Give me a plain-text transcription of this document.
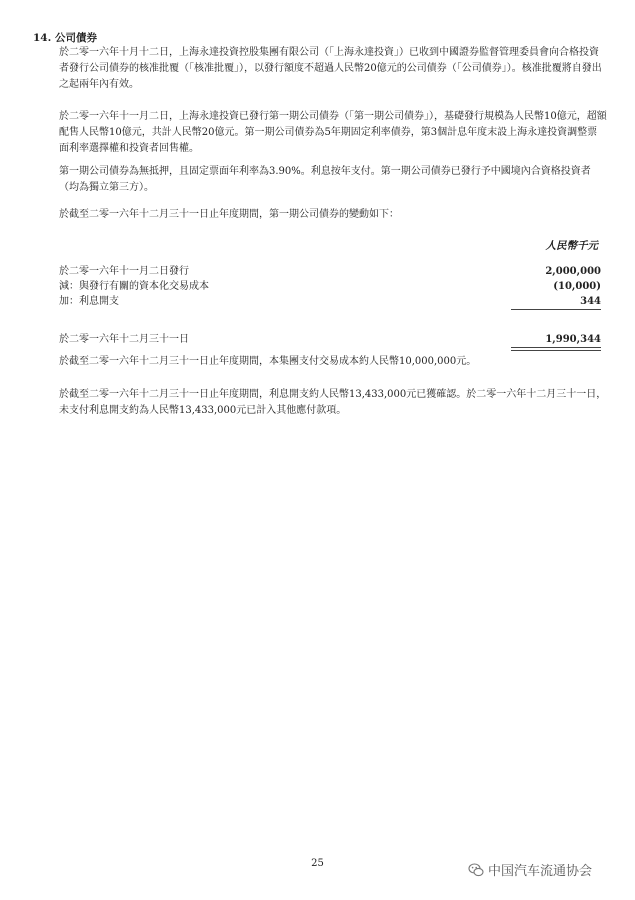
14. 公司債券

於二零一六年十月十二日，上海永達投資控股集團有限公司（「上海永達投資」）已收到中國證券監督管理委員會向合格投資者發行公司債券的核准批覆（「核准批覆」），以發行額度不超過人民幣20億元的公司債券（「公司債券」）。核准批覆將自發出之起兩年內有效。

於二零一六年十一月二日，上海永達投資已發行第一期公司債券（「第一期公司債券」），基礎發行規模為人民幣10億元，超額配售人民幣10億元，共計人民幣20億元。第一期公司債券為5年期固定利率債券，第3個計息年度末設上海永達投資調整票面利率選擇權和投資者回售權。

第一期公司債券為無抵押，且固定票面年利率為3.90%。利息按年支付。第一期公司債券已發行予中國境內合資格投資者（均為獨立第三方）。

於截至二零一六年十二月三十一日止年度期間，第一期公司債券的變動如下：

人民幣千元
於二零一六年十一月二日發行	2,000,000
減：與發行有關的資本化交易成本	(10,000)
加：利息開支	344
於二零一六年十二月三十一日	1,990,344

於截至二零一六年十二月三十一日止年度期間，本集團支付交易成本約人民幣10,000,000元。

於截至二零一六年十二月三十一日止年度期間，利息開支約人民幣13,433,000元已獲確認。於二零一六年十二月三十一日，未支付利息開支約為人民幣13,433,000元已計入其他應付款項。

25
中国汽车流通协会
